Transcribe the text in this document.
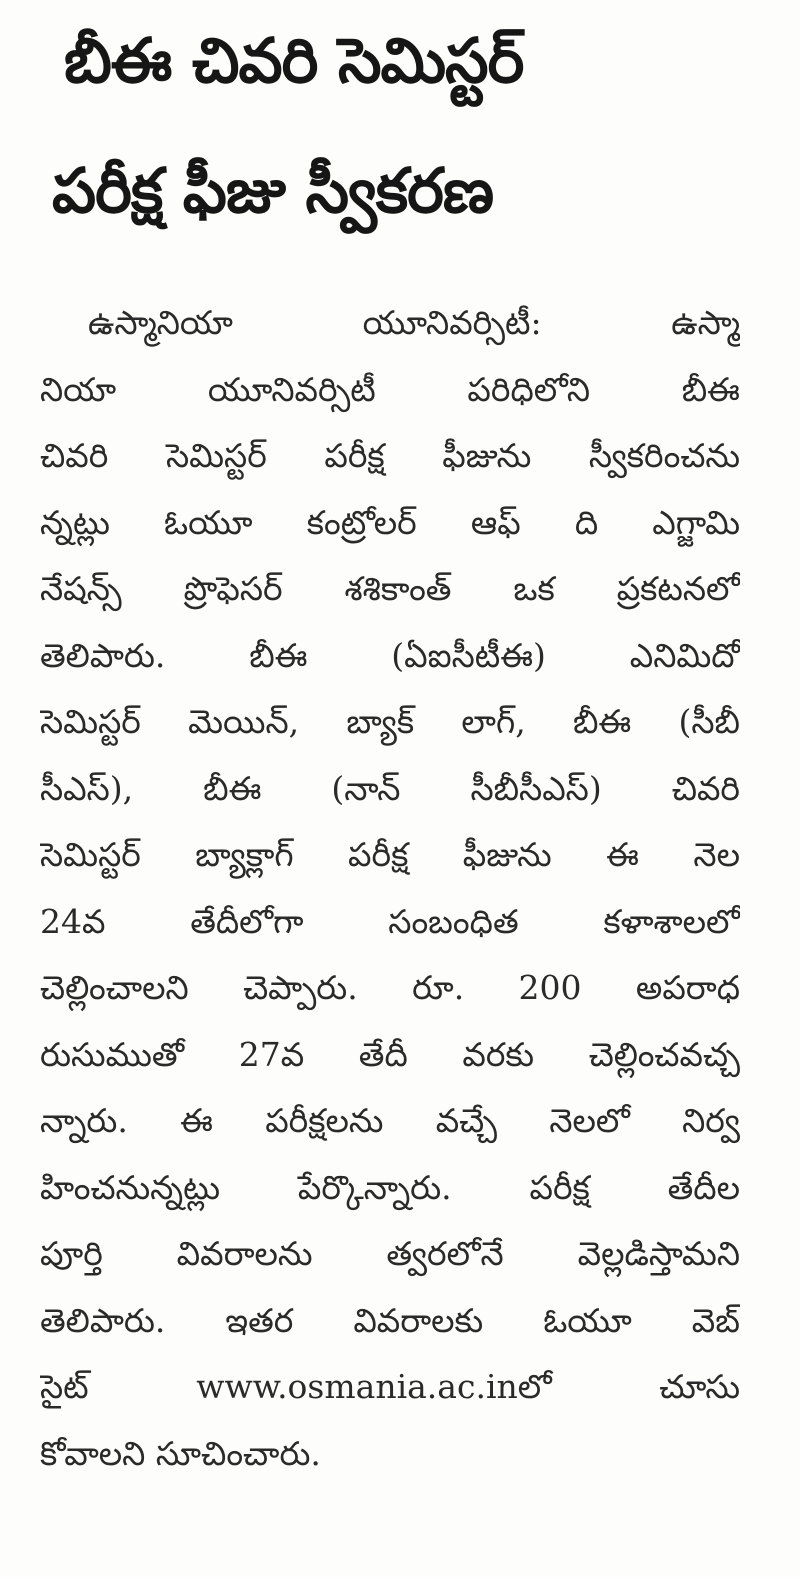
బీఈ చివరి సెమిస్టర్
పరీక్ష ఫీజు స్వీకరణ
ఉస్మానియా యూనివర్సిటీ: ఉస్మా
నియా యూనివర్సిటీ పరిధిలోని బీఈ
చివరి సెమిస్టర్ పరీక్ష ఫీజును స్వీకరించను
న్నట్లు ఓయూ కంట్రోలర్ ఆఫ్ ది ఎగ్జామి
నేషన్స్ ప్రొఫెసర్ శశికాంత్ ఒక ప్రకటనలో
తెలిపారు. బీఈ (ఏఐసీటీఈ) ఎనిమిదో
సెమిస్టర్ మెయిన్, బ్యాక్ లాగ్, బీఈ (సీబీ
సీఎస్), బీఈ (నాన్ సీబీసీఎస్) చివరి
సెమిస్టర్ బ్యాక్లాగ్ పరీక్ష ఫీజును ఈ నెల
24వ తేదీలోగా సంబంధిత కళాశాలలో
చెల్లించాలని చెప్పారు. రూ. 200 అపరాధ
రుసుముతో 27వ తేదీ వరకు చెల్లించవచ్చ
న్నారు. ఈ పరీక్షలను వచ్చే నెలలో నిర్వ
హించనున్నట్లు పేర్కొన్నారు. పరీక్ష తేదీల
పూర్తి వివరాలను త్వరలోనే వెల్లడిస్తామని
తెలిపారు. ఇతర వివరాలకు ఓయూ వెబ్
సైట్ www.osmania.ac.inలో చూసు
కోవాలని సూచించారు.
